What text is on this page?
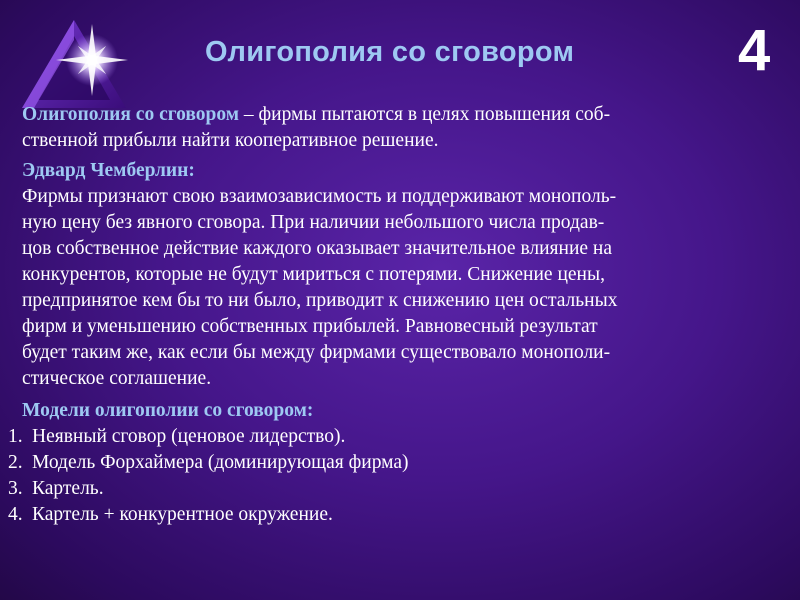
Олигополия со сговором	4

Олигополия со сговором – фирмы пытаются в целях повышения соб-
ственной прибыли найти кооперативное решение.

Эдвард Чемберлин:

Фирмы признают свою взаимозависимость и поддерживают монополь-
ную цену без явного сговора. При наличии небольшого числа продав-
цов собственное действие каждого оказывает значительное влияние на
конкурентов, которые не будут мириться с потерями. Снижение цены,
предпринятое кем бы то ни было, приводит к снижению цен остальных
фирм и уменьшению собственных прибылей. Равновесный результат
будет таким же, как если бы между фирмами существовало монополи-
стическое соглашение.

Модели олигополии со сговором:

1. Неявный сговор (ценовое лидерство).
2. Модель Форхаймера (доминирующая фирма)
3. Картель.
4. Картель + конкурентное окружение.
